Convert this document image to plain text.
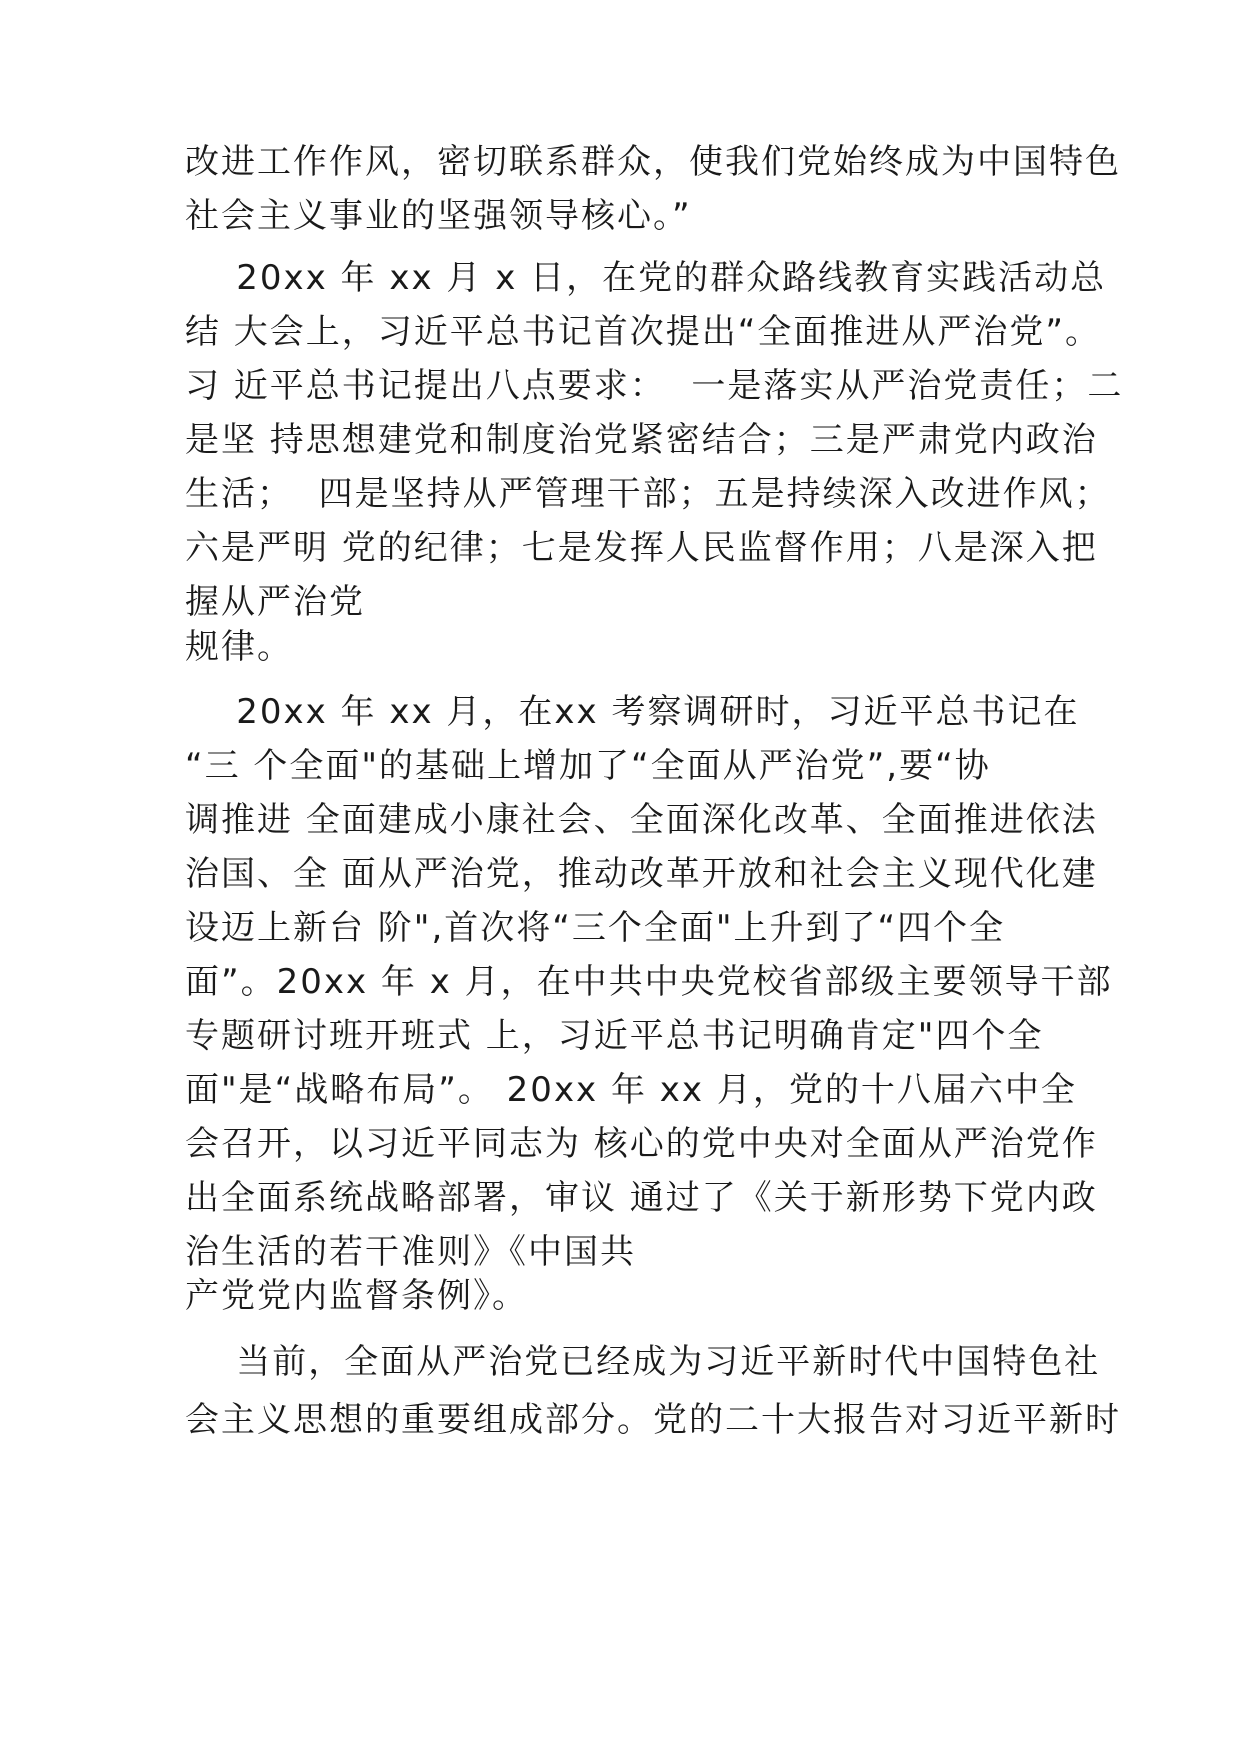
改进工作作风，密切联系群众，使我们党始终成为中国特色

社会主义事业的坚强领导核心。”

20xx 年 xx 月 x 日，在党的群众路线教育实践活动总

结 大会上，习近平总书记首次提出“全面推进从严治党”。

习 近平总书记提出八点要求：  一是落实从严治党责任；二

是坚 持思想建党和制度治党紧密结合；三是严肃党内政治

生活；  四是坚持从严管理干部；五是持续深入改进作风；

六是严明 党的纪律；七是发挥人民监督作用；八是深入把

握从严治党

规律。

20xx 年 xx 月，在xx 考察调研时，习近平总书记在

“三 个全面"的基础上增加了“全面从严治党”,要“协

调推进 全面建成小康社会、全面深化改革、全面推进依法

治国、全 面从严治党，推动改革开放和社会主义现代化建

设迈上新台 阶",首次将“三个全面"上升到了“四个全

面”。20xx 年 x 月，在中共中央党校省部级主要领导干部

专题研讨班开班式 上，习近平总书记明确肯定"四个全

面"是“战略布局”。 20xx 年 xx 月，党的十八届六中全

会召开，以习近平同志为 核心的党中央对全面从严治党作

出全面系统战略部署，审议 通过了《关于新形势下党内政

治生活的若干准则》《中国共

产党党内监督条例》。

当前，全面从严治党已经成为习近平新时代中国特色社

会主义思想的重要组成部分。党的二十大报告对习近平新时
